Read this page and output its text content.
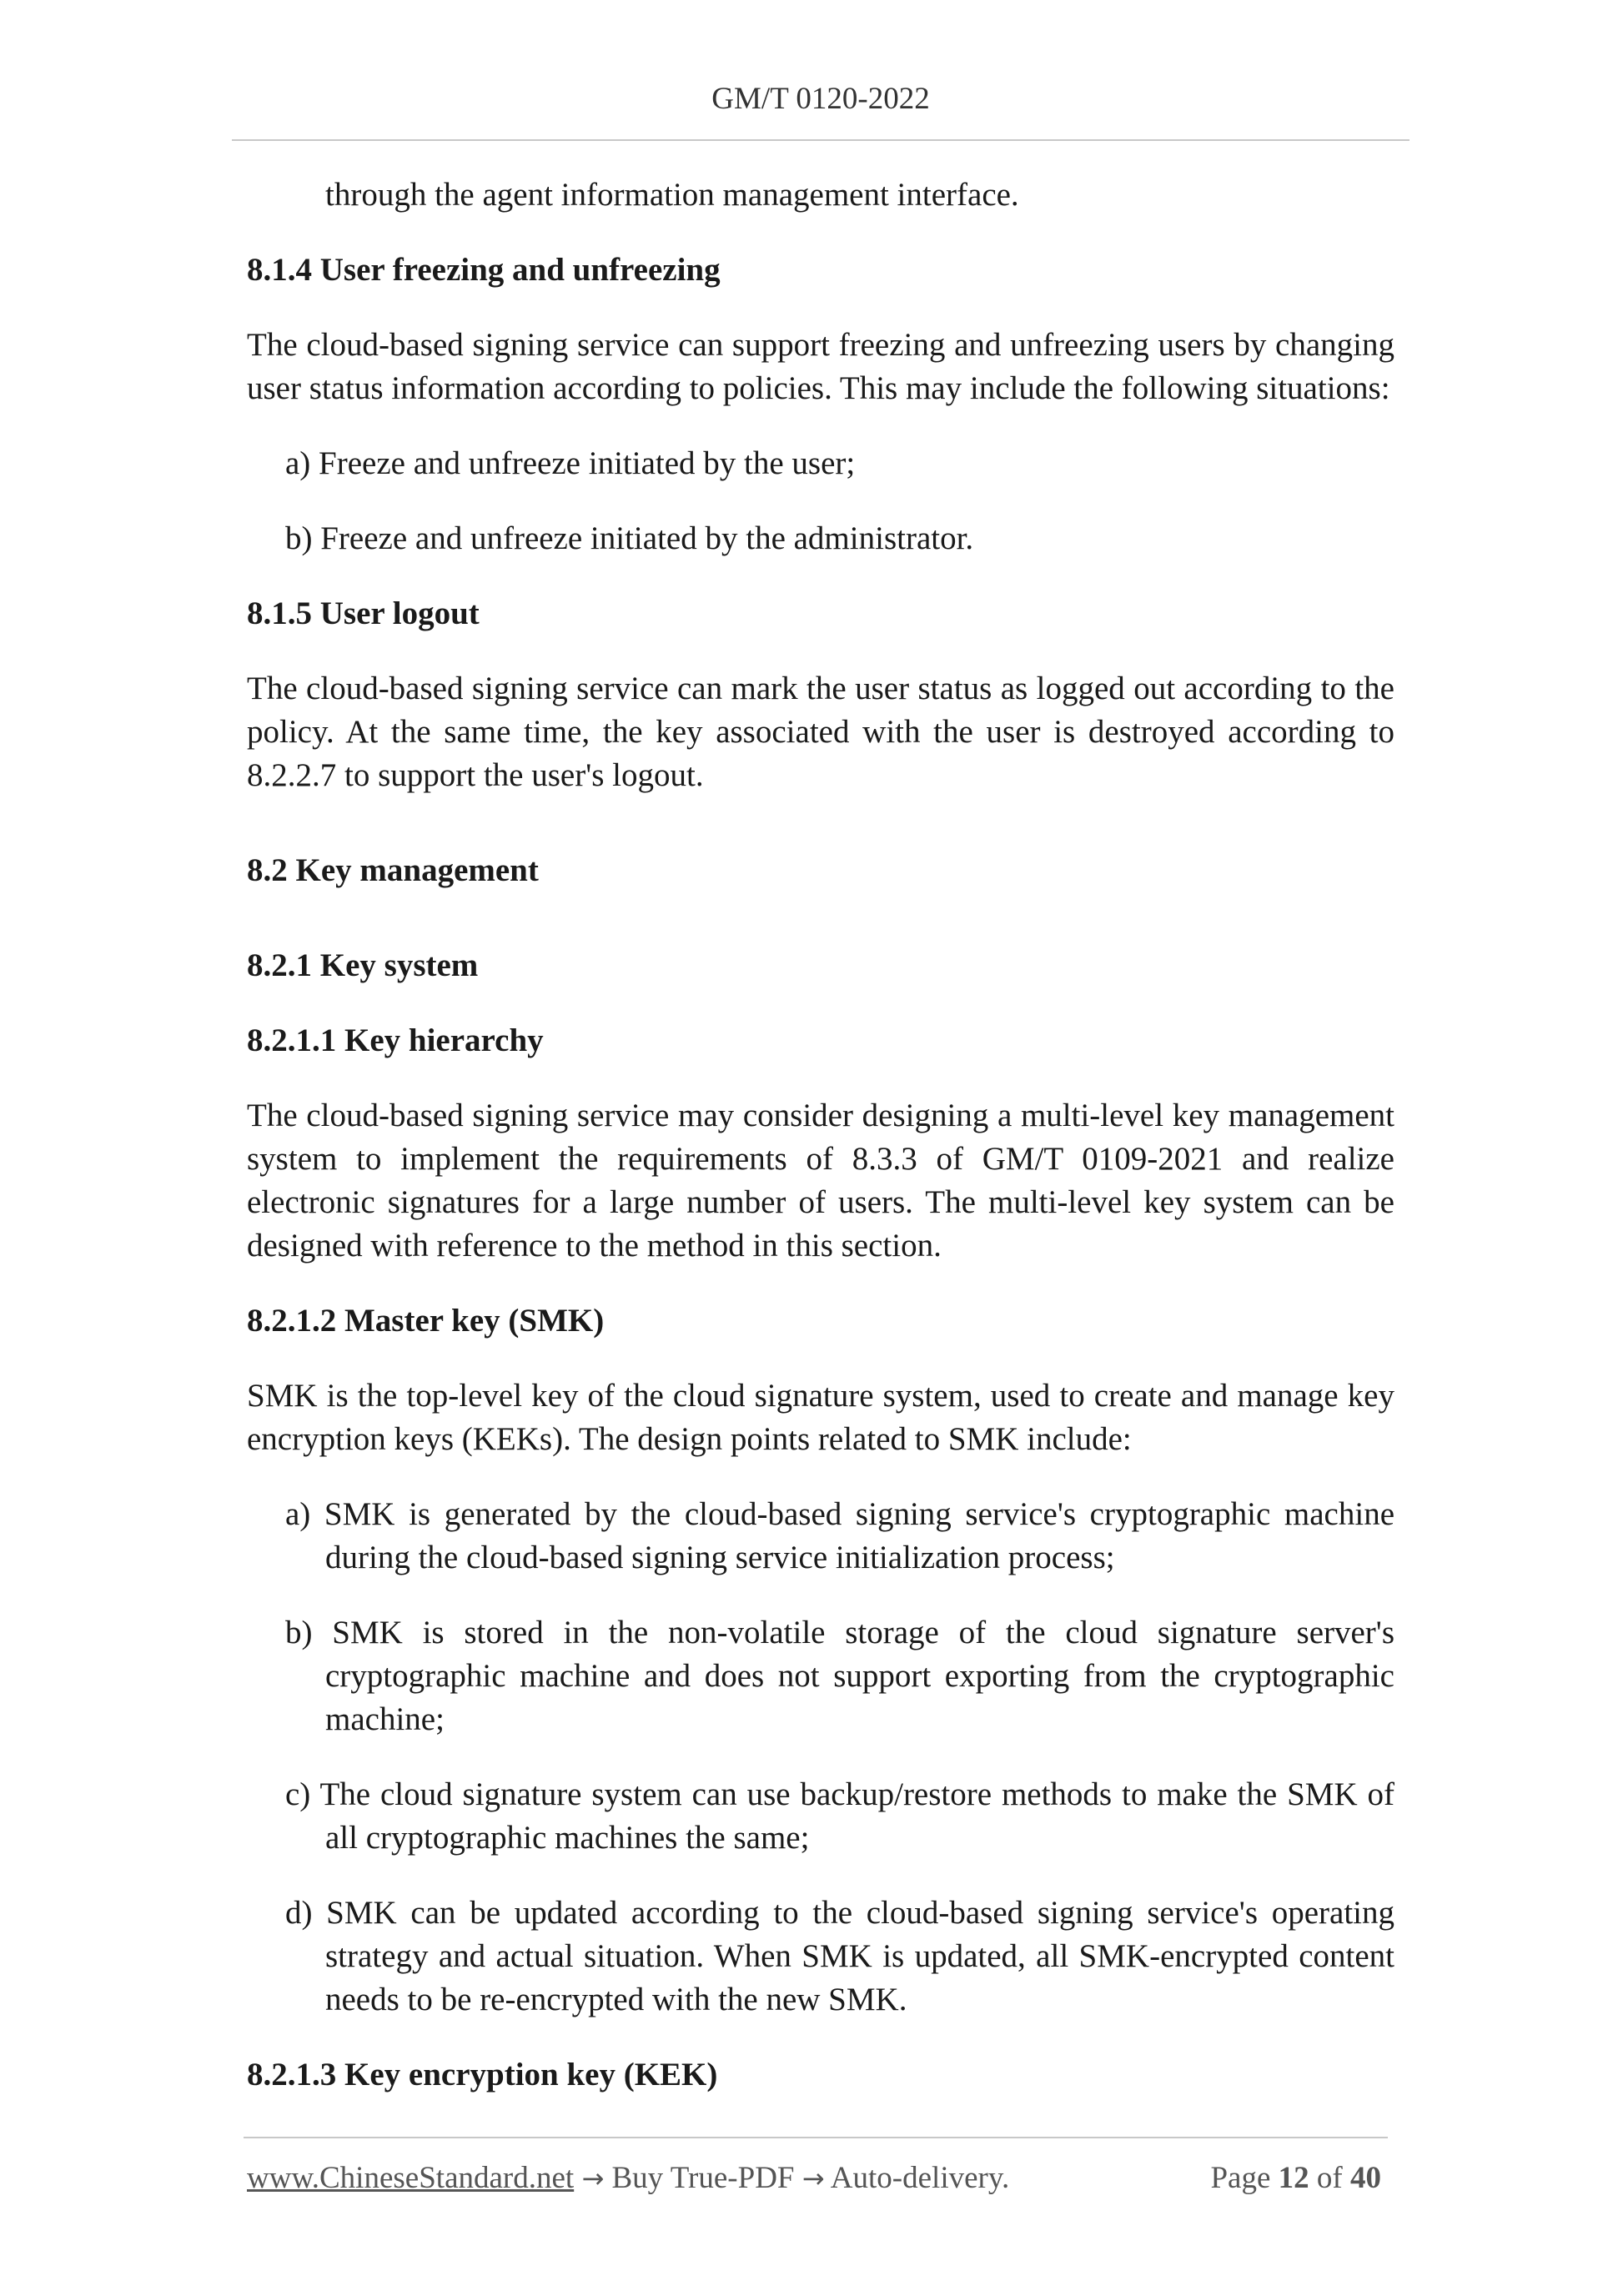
GM/T 0120-2022
through the agent information management interface.
8.1.4 User freezing and unfreezing
The cloud-based signing service can support freezing and unfreezing users by changing user status information according to policies. This may include the following situations:
a) Freeze and unfreeze initiated by the user;
b) Freeze and unfreeze initiated by the administrator.
8.1.5 User logout
The cloud-based signing service can mark the user status as logged out according to the policy. At the same time, the key associated with the user is destroyed according to 8.2.2.7 to support the user's logout.
8.2 Key management
8.2.1 Key system
8.2.1.1 Key hierarchy
The cloud-based signing service may consider designing a multi-level key management system to implement the requirements of 8.3.3 of GM/T 0109-2021 and realize electronic signatures for a large number of users. The multi-level key system can be designed with reference to the method in this section.
8.2.1.2 Master key (SMK)
SMK is the top-level key of the cloud signature system, used to create and manage key encryption keys (KEKs). The design points related to SMK include:
a) SMK is generated by the cloud-based signing service's cryptographic machine during the cloud-based signing service initialization process;
b) SMK is stored in the non-volatile storage of the cloud signature server's cryptographic machine and does not support exporting from the cryptographic machine;
c) The cloud signature system can use backup/restore methods to make the SMK of all cryptographic machines the same;
d) SMK can be updated according to the cloud-based signing service's operating strategy and actual situation. When SMK is updated, all SMK-encrypted content needs to be re-encrypted with the new SMK.
8.2.1.3 Key encryption key (KEK)
www.ChineseStandard.net → Buy True-PDF → Auto-delivery.	Page 12 of 40
